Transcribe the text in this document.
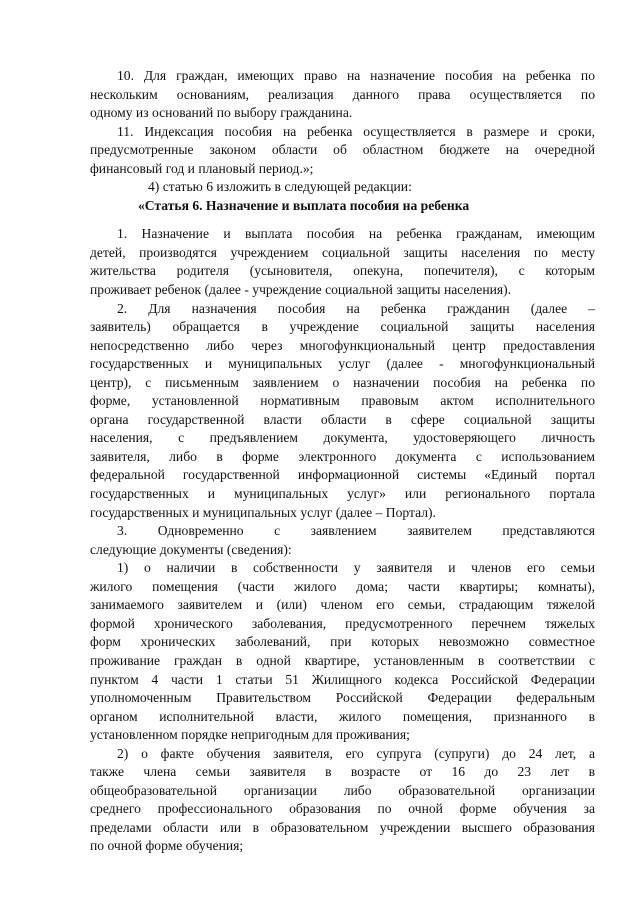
10. Для граждан, имеющих право на назначение пособия на ребенка по
нескольким основаниям, реализация данного права осуществляется по
одному из оснований по выбору гражданина.
11. Индексация пособия на ребенка осуществляется в размере и сроки,
предусмотренные законом области об областном бюджете на очередной
финансовый год и плановый период.»;
4) статью 6 изложить в следующей редакции:
«Статья 6. Назначение и выплата пособия на ребенка
1. Назначение и выплата пособия на ребенка гражданам, имеющим
детей, производятся учреждением социальной защиты населения по месту
жительства родителя (усыновителя, опекуна, попечителя), с которым
проживает ребенок (далее - учреждение социальной защиты населения).
2. Для назначения пособия на ребенка гражданин (далее –
заявитель) обращается в учреждение социальной защиты населения
непосредственно либо через многофункциональный центр предоставления
государственных и муниципальных услуг (далее - многофункциональный
центр), с письменным заявлением о назначении пособия на ребенка по
форме, установленной нормативным правовым актом исполнительного
органа государственной власти области в сфере социальной защиты
населения, с предъявлением документа, удостоверяющего личность
заявителя, либо в форме электронного документа с использованием
федеральной государственной информационной системы «Единый портал
государственных и муниципальных услуг» или регионального портала
государственных и муниципальных услуг (далее – Портал).
3. Одновременно с заявлением заявителем представляются
следующие документы (сведения):
1) о наличии в собственности у заявителя и членов его семьи
жилого помещения (части жилого дома; части квартиры; комнаты),
занимаемого заявителем и (или) членом его семьи, страдающим тяжелой
формой хронического заболевания, предусмотренного перечнем тяжелых
форм хронических заболеваний, при которых невозможно совместное
проживание граждан в одной квартире, установленным в соответствии с
пунктом 4 части 1 статьи 51 Жилищного кодекса Российской Федерации
уполномоченным Правительством Российской Федерации федеральным
органом исполнительной власти, жилого помещения, признанного в
установленном порядке непригодным для проживания;
2) о факте обучения заявителя, его супруга (супруги) до 24 лет, а
также члена семьи заявителя в возрасте от 16 до 23 лет в
общеобразовательной организации либо образовательной организации
среднего профессионального образования по очной форме обучения за
пределами области или в образовательном учреждении высшего образования
по очной форме обучения;
